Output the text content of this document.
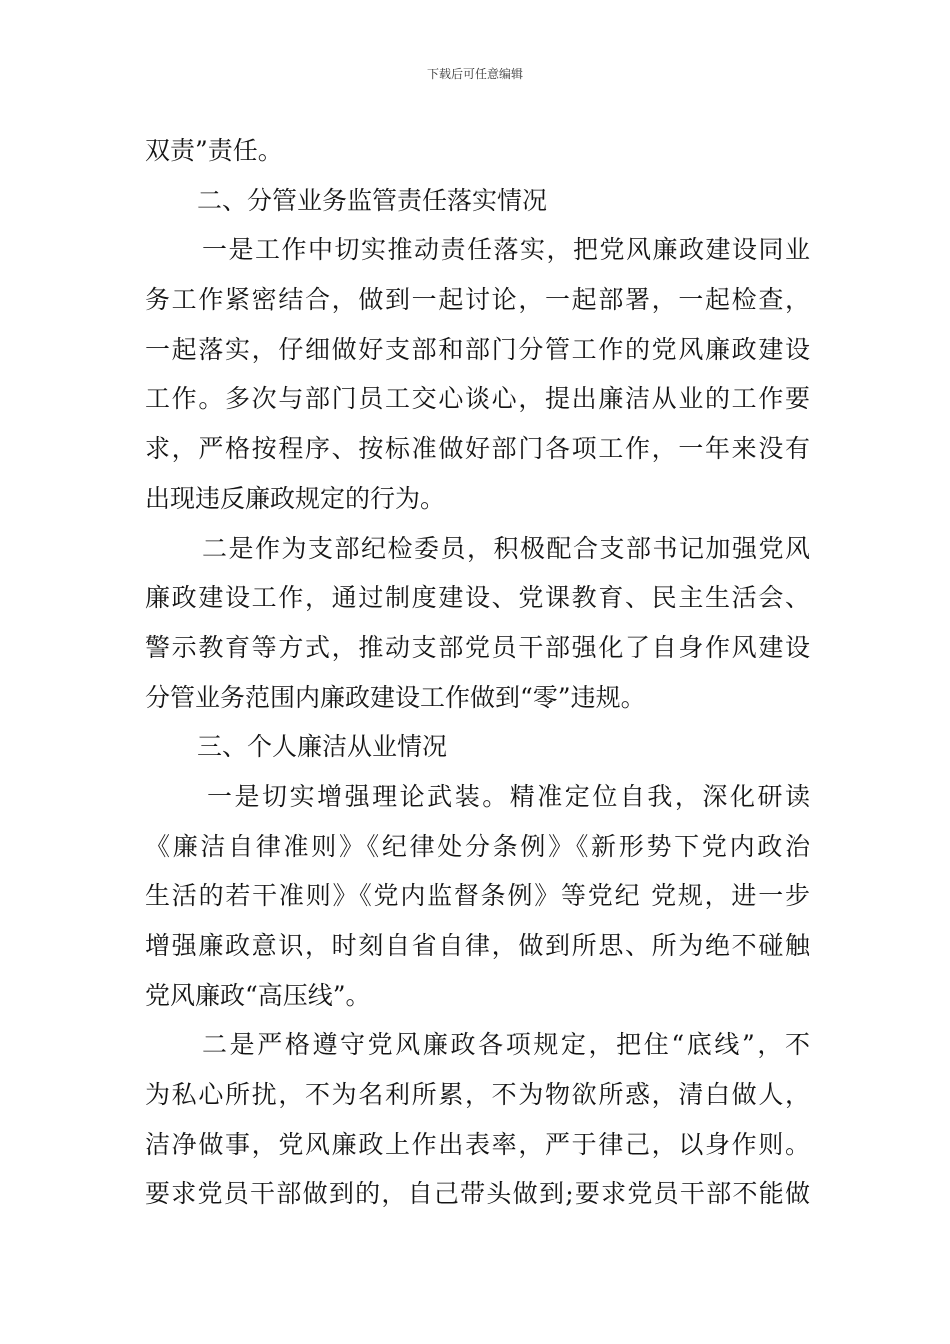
下载后可任意编辑
双责”责任。
二、分管业务监管责任落实情况
一是工作中切实推动责任落实，把党风廉政建设同业
务工作紧密结合，做到一起讨论，一起部署，一起检查，
一起落实，仔细做好支部和部门分管工作的党风廉政建设
工作。多次与部门员工交心谈心，提出廉洁从业的工作要
求，严格按程序、按标准做好部门各项工作，一年来没有
出现违反廉政规定的行为。
二是作为支部纪检委员，积极配合支部书记加强党风
廉政建设工作，通过制度建设、党课教育、民主生活会、
警示教育等方式，推动支部党员干部强化了自身作风建设
分管业务范围内廉政建设工作做到“零”违规。
三、个人廉洁从业情况
一是切实增强理论武装。精准定位自我，深化研读
《廉洁自律准则》《纪律处分条例》《新形势下党内政治
生活的若干准则》《党内监督条例》等党纪 党规，进一步
增强廉政意识，时刻自省自律，做到所思、所为绝不碰触
党风廉政“高压线”。
二是严格遵守党风廉政各项规定，把住“底线”，不
为私心所扰，不为名利所累，不为物欲所惑，清白做人，
洁净做事，党风廉政上作出表率，严于律己，以身作则。
要求党员干部做到的，自己带头做到;要求党员干部不能做
